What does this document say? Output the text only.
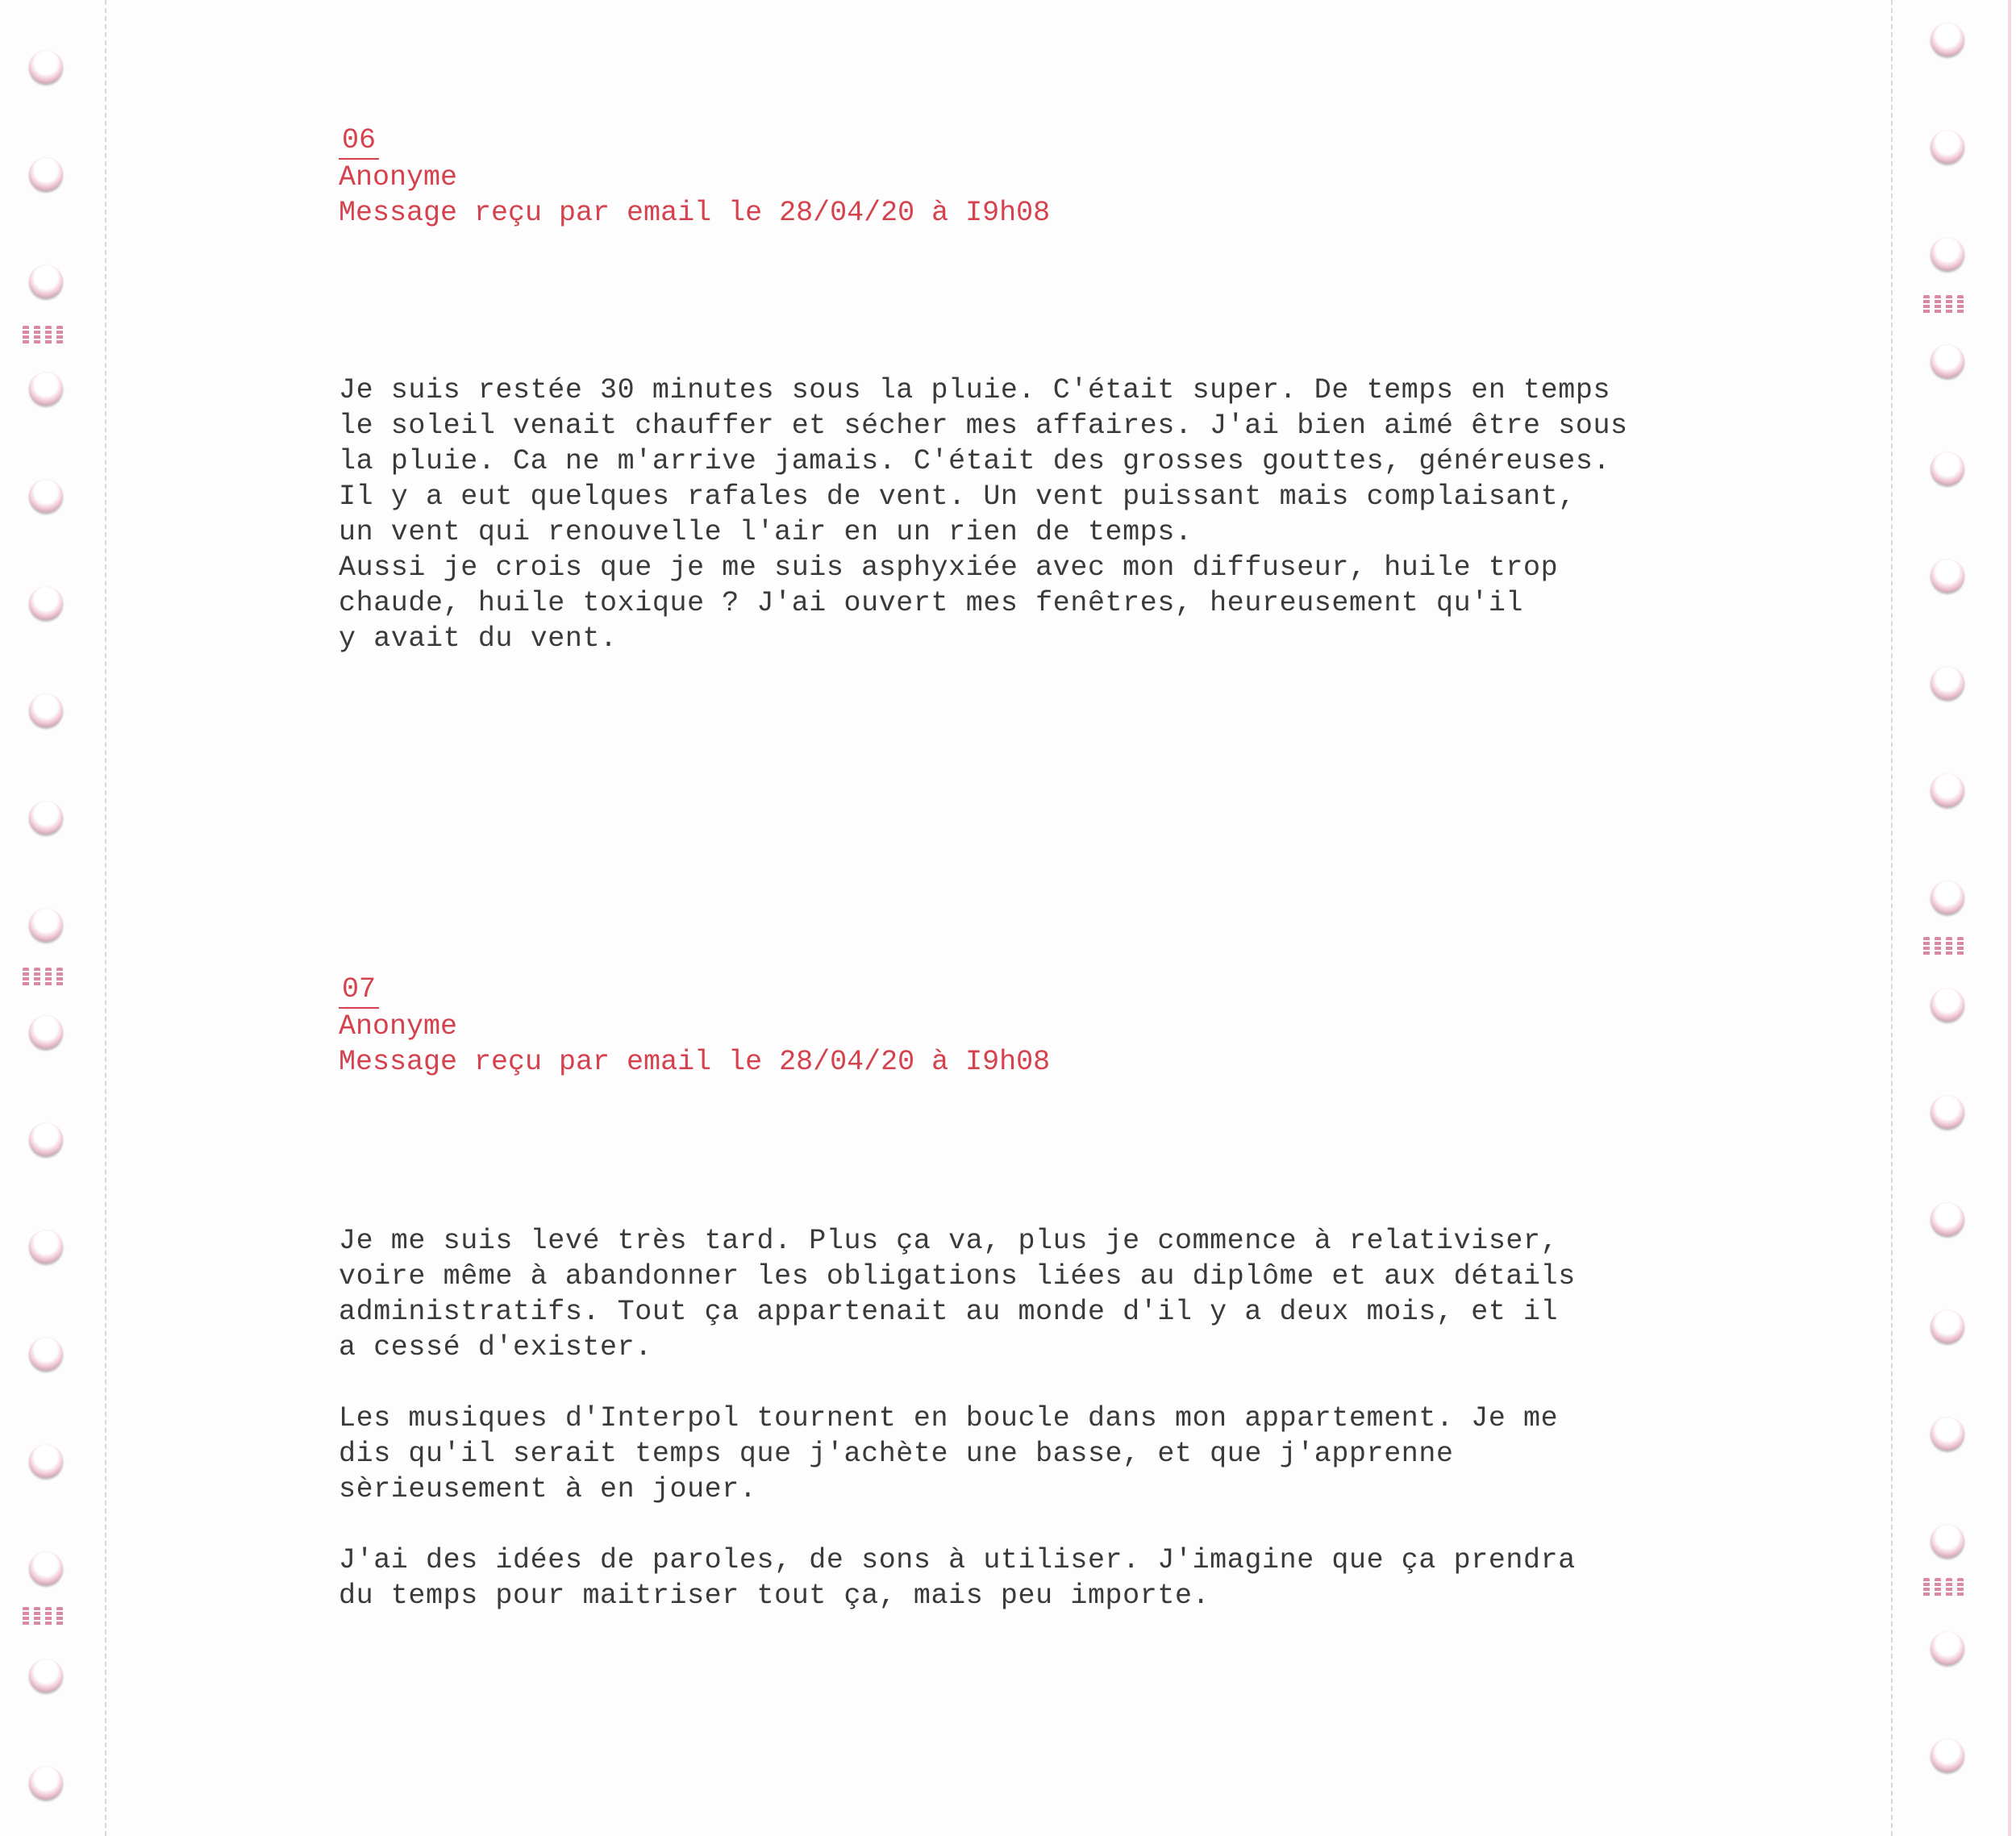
06
Anonyme
Message reçu par email le 28/04/20 à I9h08

Je suis restée 30 minutes sous la pluie. C'était super. De temps en temps
le soleil venait chauffer et sécher mes affaires. J'ai bien aimé être sous
la pluie. Ca ne m'arrive jamais. C'était des grosses gouttes, généreuses.
Il y a eut quelques rafales de vent. Un vent puissant mais complaisant,
un vent qui renouvelle l'air en un rien de temps.
Aussi je crois que je me suis asphyxiée avec mon diffuseur, huile trop
chaude, huile toxique ? J'ai ouvert mes fenêtres, heureusement qu'il
y avait du vent.

07
Anonyme
Message reçu par email le 28/04/20 à I9h08

Je me suis levé très tard. Plus ça va, plus je commence à relativiser,
voire même à abandonner les obligations liées au diplôme et aux détails
administratifs. Tout ça appartenait au monde d'il y a deux mois, et il
a cessé d'exister.

Les musiques d'Interpol tournent en boucle dans mon appartement. Je me
dis qu'il serait temps que j'achète une basse, et que j'apprenne
sèrieusement à en jouer.

J'ai des idées de paroles, de sons à utiliser. J'imagine que ça prendra
du temps pour maitriser tout ça, mais peu importe.
